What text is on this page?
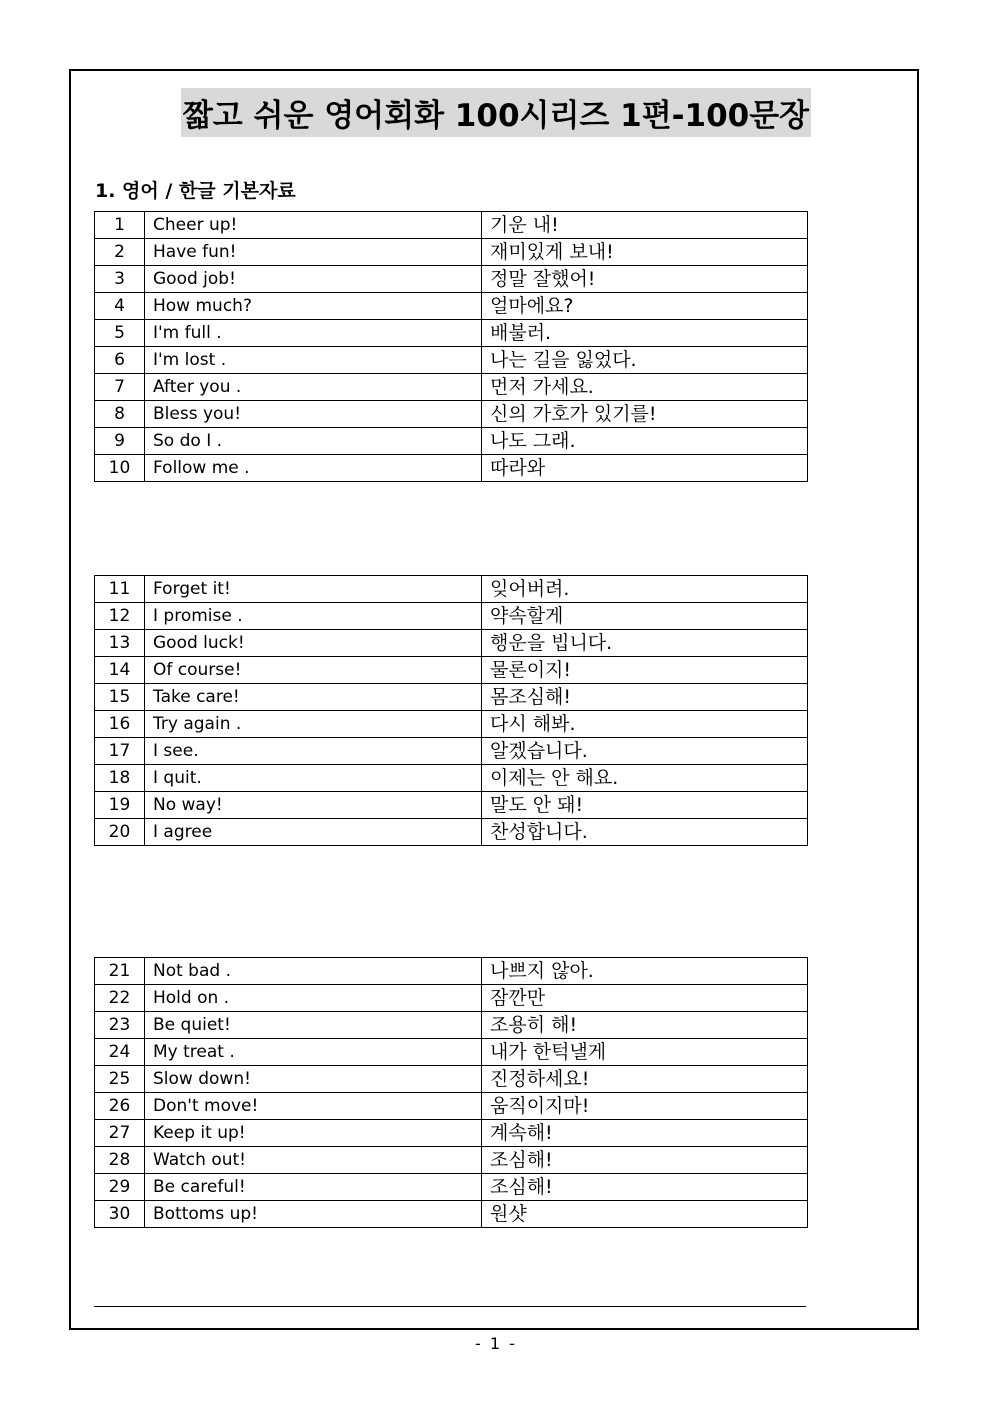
짧고 쉬운 영어회화 100시리즈 1편-100문장
1. 영어 / 한글 기본자료
1	Cheer up!	기운 내!
2	Have fun!	재미있게 보내!
3	Good job!	정말 잘했어!
4	How much?	얼마에요?
5	I'm full .	배불러.
6	I'm lost .	나는 길을 잃었다.
7	After you .	먼저 가세요.
8	Bless you!	신의 가호가 있기를!
9	So do I .	나도 그래.
10	Follow me .	따라와
11	Forget it!	잊어버려.
12	I promise .	약속할게
13	Good luck!	행운을 빕니다.
14	Of course!	물론이지!
15	Take care!	몸조심해!
16	Try again .	다시 해봐.
17	I see.	알겠습니다.
18	I quit.	이제는 안 해요.
19	No way!	말도 안 돼!
20	I agree	찬성합니다.
21	Not bad .	나쁘지 않아.
22	Hold on .	잠깐만
23	Be quiet!	조용히 해!
24	My treat .	내가 한턱낼게
25	Slow down!	진정하세요!
26	Don't move!	움직이지마!
27	Keep it up!	계속해!
28	Watch out!	조심해!
29	Be careful!	조심해!
30	Bottoms up!	원샷
- 1 -
